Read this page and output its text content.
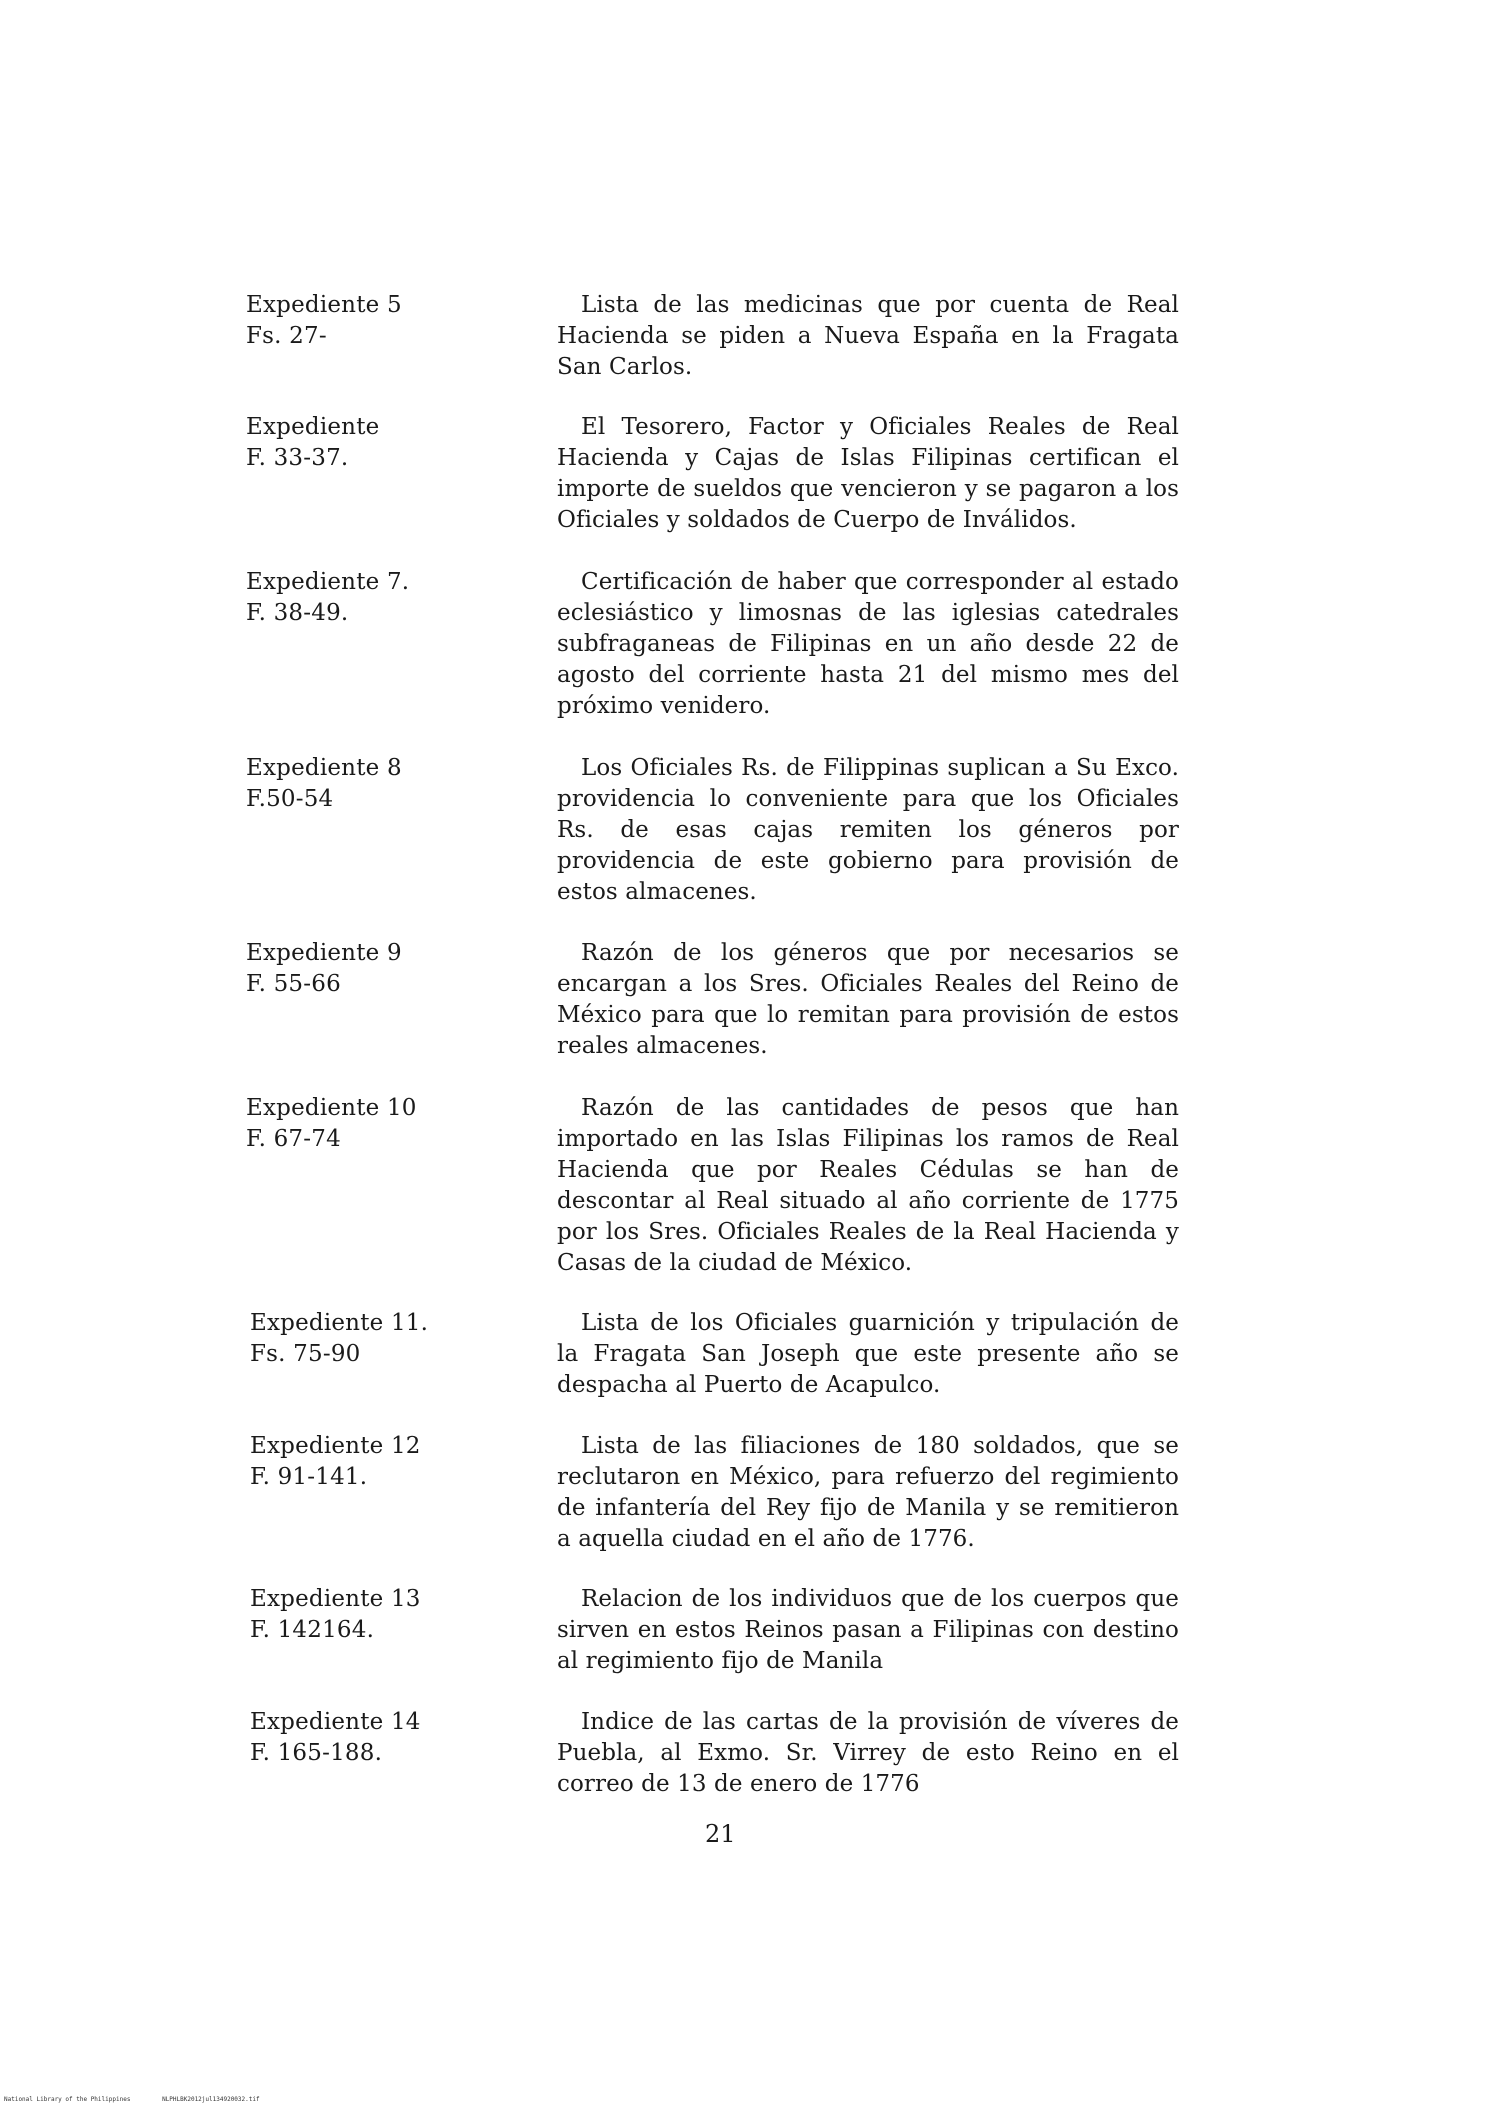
Expediente 5
Fs. 27-
Lista de las medicinas que por cuenta de Real Hacienda se piden a Nueva España en la Fragata San Carlos.
Expediente
F. 33-37.
El Tesorero, Factor y Oficiales Reales de Real Hacienda y Cajas de Islas Filipinas certifican el importe de sueldos que vencieron y se pagaron a los Oficiales y soldados de Cuerpo de Inválidos.
Expediente 7.
F. 38-49.
Certificación de haber que corresponder al estado eclesiástico y limosnas de las iglesias catedrales subfraganeas de Filipinas en un año desde 22 de agosto del corriente hasta 21 del mismo mes del próximo venidero.
Expediente 8
F.50-54
Los Oficiales Rs. de Filippinas suplican a Su Exco. providencia lo conveniente para que los Oficiales Rs. de esas cajas remiten los géneros por providencia de este gobierno para provisión de estos almacenes.
Expediente 9
F. 55-66
Razón de los géneros que por necesarios se encargan a los Sres. Oficiales Reales del Reino de México para que lo remitan para provisión de estos reales almacenes.
Expediente 10
F. 67-74
Razón de las cantidades de pesos que han importado en las Islas Filipinas los ramos de Real Hacienda que por Reales Cédulas se han de descontar al Real situado al año corriente de 1775 por los Sres. Oficiales Reales de la Real Hacienda y Casas de la ciudad de México.
Expediente 11.
Fs. 75-90
Lista de los Oficiales guarnición y tripulación de la Fragata San Joseph que este presente año se despacha al Puerto de Acapulco.
Expediente 12
F. 91-141.
Lista de las filiaciones de 180 soldados, que se reclutaron en México, para refuerzo del regimiento de infantería del Rey fijo de Manila y se remitieron a aquella ciudad en el año de 1776.
Expediente 13
F. 142164.
Relacion de los individuos que de los cuerpos que sirven en estos Reinos pasan a Filipinas con destino al regimiento fijo de Manila
Expediente 14
F. 165-188.
Indice de las cartas de la provisión de víveres de Puebla, al Exmo. Sr. Virrey de esto Reino en el correo de 13 de enero de 1776
21
National Library of the Philippines	NLPHLBK2012jul134920032.tif
